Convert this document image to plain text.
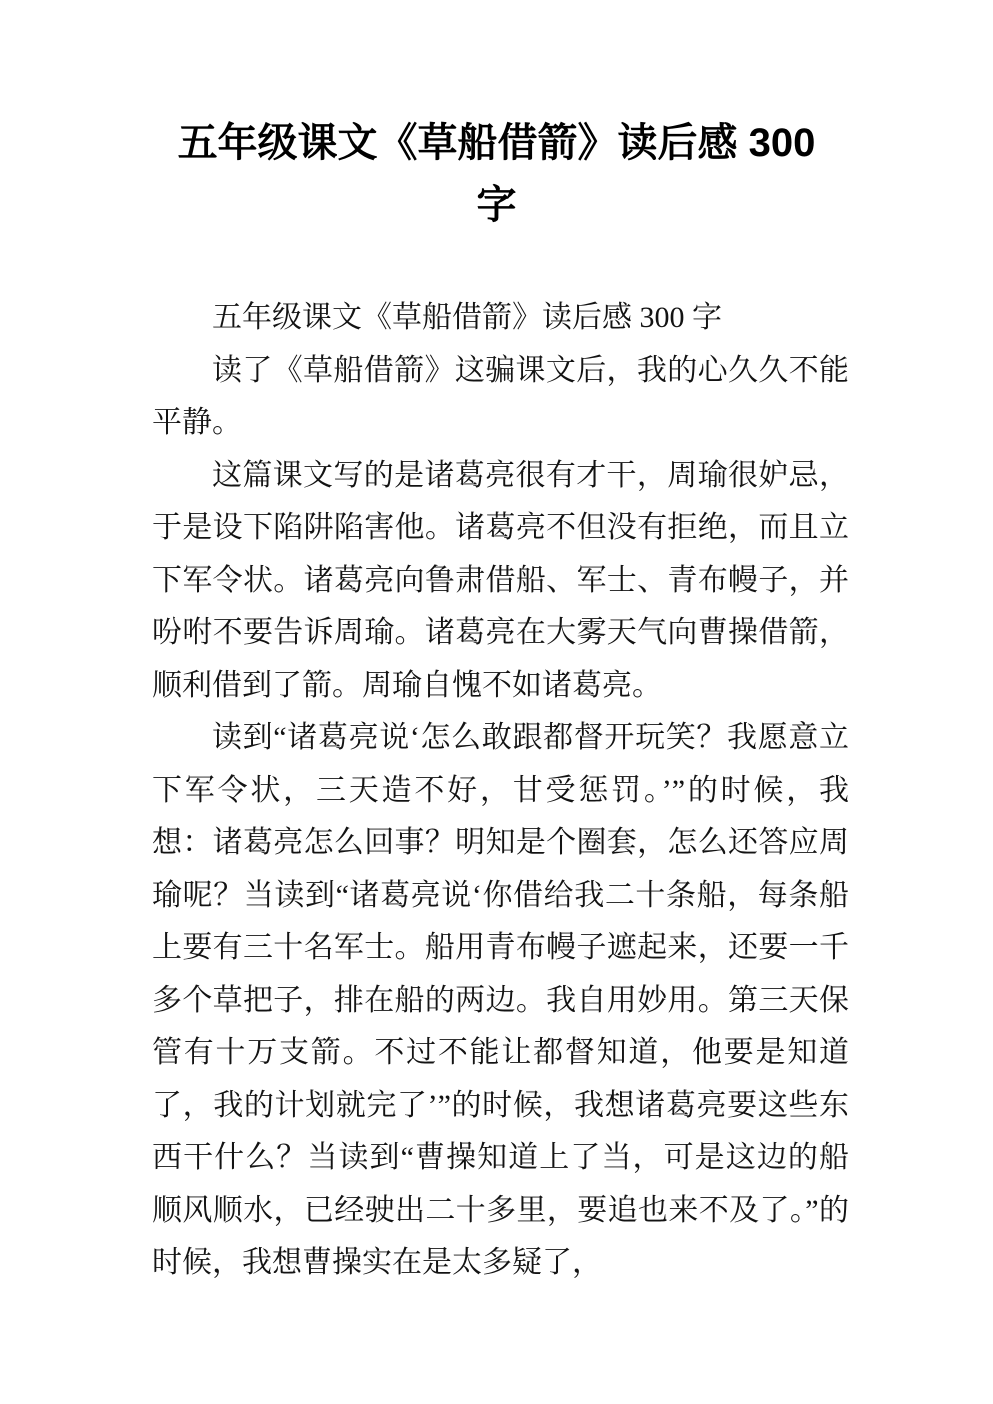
五年级课文《草船借箭》读后感 300
字

五年级课文《草船借箭》读后感 300 字

读了《草船借箭》这骗课文后，我的心久久不能平静。

这篇课文写的是诸葛亮很有才干，周瑜很妒忌，于是设下陷阱陷害他。诸葛亮不但没有拒绝，而且立下军令状。诸葛亮向鲁肃借船、军士、青布幔子，并吩咐不要告诉周瑜。诸葛亮在大雾天气向曹操借箭，顺利借到了箭。周瑜自愧不如诸葛亮。

读到“诸葛亮说‘怎么敢跟都督开玩笑？我愿意立下军令状，三天造不好，甘受惩罚。’”的时候，我想：诸葛亮怎么回事？明知是个圈套，怎么还答应周瑜呢？当读到“诸葛亮说‘你借给我二十条船，每条船上要有三十名军士。船用青布幔子遮起来，还要一千多个草把子，排在船的两边。我自用妙用。第三天保管有十万支箭。不过不能让都督知道，他要是知道了，我的计划就完了’”的时候，我想诸葛亮要这些东西干什么？当读到“曹操知道上了当，可是这边的船顺风顺水，已经驶出二十多里，要追也来不及了。”的时候，我想曹操实在是太多疑了，
